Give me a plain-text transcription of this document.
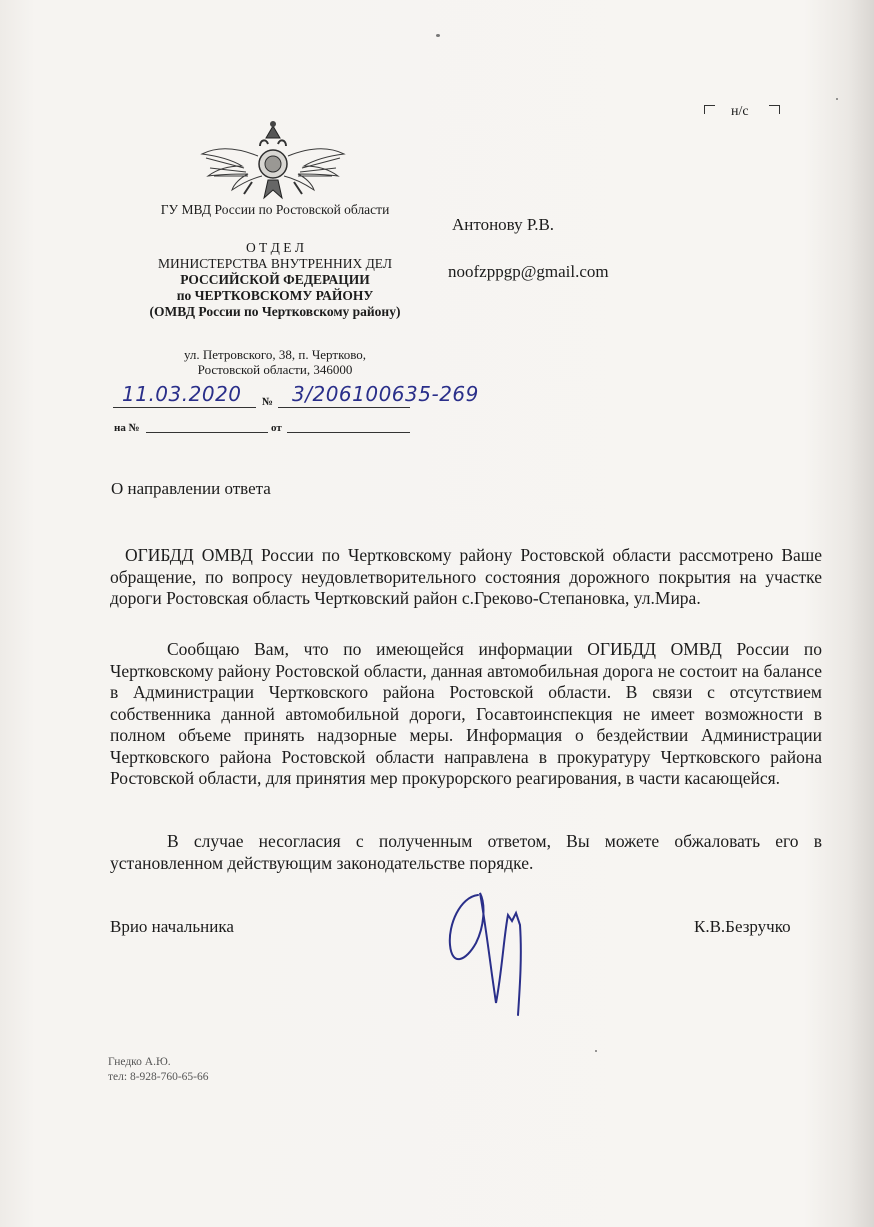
н/с
ГУ МВД России по Ростовской области
О Т Д Е Л
МИНИСТЕРСТВА ВНУТРЕННИХ ДЕЛ
РОССИЙСКОЙ ФЕДЕРАЦИИ
по ЧЕРТКОВСКОМУ РАЙОНУ
(ОМВД России по Чертковскому району)
ул. Петровского, 38, п. Чертково,
Ростовской области, 346000
11.03.2020 № 3/206100635-269
на №	от
Антонову Р.В.
noofzppgp@gmail.com
О направлении ответа
ОГИБДД ОМВД России по Чертковскому району Ростовской области рассмотрено Ваше обращение, по вопросу неудовлетворительного состояния дорожного покрытия на участке дороги Ростовская область Чертковский район с.Греково-Степановка, ул.Мира.
Сообщаю Вам, что по имеющейся информации ОГИБДД ОМВД России по Чертковскому району Ростовской области, данная автомобильная дорога не состоит на балансе в Администрации Чертковского района Ростовской области. В связи с отсутствием собственника данной автомобильной дороги, Госавтоинспекция не имеет возможности в полном объеме принять надзорные меры. Информация о бездействии Администрации Чертковского района Ростовской области направлена в прокуратуру Чертковского района Ростовской области, для принятия мер прокурорского реагирования, в части касающейся.
В случае несогласия с полученным ответом, Вы можете обжаловать его в установленном действующим законодательстве порядке.
Врио начальника	К.В.Безручко
Гнедко А.Ю.
тел: 8-928-760-65-66
